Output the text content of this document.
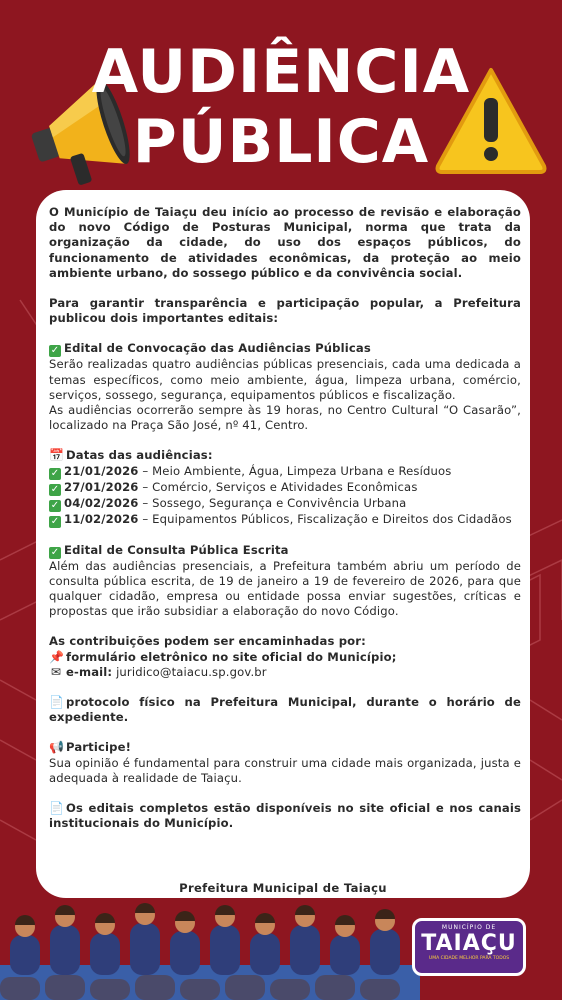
AUDIÊNCIA
PÚBLICA

O Município de Taiaçu deu início ao processo de revisão e elaboração do novo Código de Posturas Municipal, norma que trata da organização da cidade, do uso dos espaços públicos, do funcionamento de atividades econômicas, da proteção ao meio ambiente urbano, do sossego público e da convivência social.

Para garantir transparência e participação popular, a Prefeitura publicou dois importantes editais:

✓ Edital de Convocação das Audiências Públicas
Serão realizadas quatro audiências públicas presenciais, cada uma dedicada a temas específicos, como meio ambiente, água, limpeza urbana, comércio, serviços, sossego, segurança, equipamentos públicos e fiscalização.
As audiências ocorrerão sempre às 19 horas, no Centro Cultural “O Casarão”, localizado na Praça São José, nº 41, Centro.

📅 Datas das audiências:
✓ 21/01/2026 – Meio Ambiente, Água, Limpeza Urbana e Resíduos
✓ 27/01/2026 – Comércio, Serviços e Atividades Econômicas
✓ 04/02/2026 – Sossego, Segurança e Convivência Urbana
✓ 11/02/2026 – Equipamentos Públicos, Fiscalização e Direitos dos Cidadãos

✓ Edital de Consulta Pública Escrita
Além das audiências presenciais, a Prefeitura também abriu um período de consulta pública escrita, de 19 de janeiro a 19 de fevereiro de 2026, para que qualquer cidadão, empresa ou entidade possa enviar sugestões, críticas e propostas que irão subsidiar a elaboração do novo Código.

As contribuições podem ser encaminhadas por:
📌 formulário eletrônico no site oficial do Município;
✉ e-mail: juridico@taiacu.sp.gov.br

📄 protocolo físico na Prefeitura Municipal, durante o horário de expediente.

📢 Participe!
Sua opinião é fundamental para construir uma cidade mais organizada, justa e adequada à realidade de Taiaçu.

📄 Os editais completos estão disponíveis no site oficial e nos canais institucionais do Município.

Prefeitura Municipal de Taiaçu
MUNICÍPIO DE
TAIAÇU
UMA CIDADE MELHOR PARA TODOS
